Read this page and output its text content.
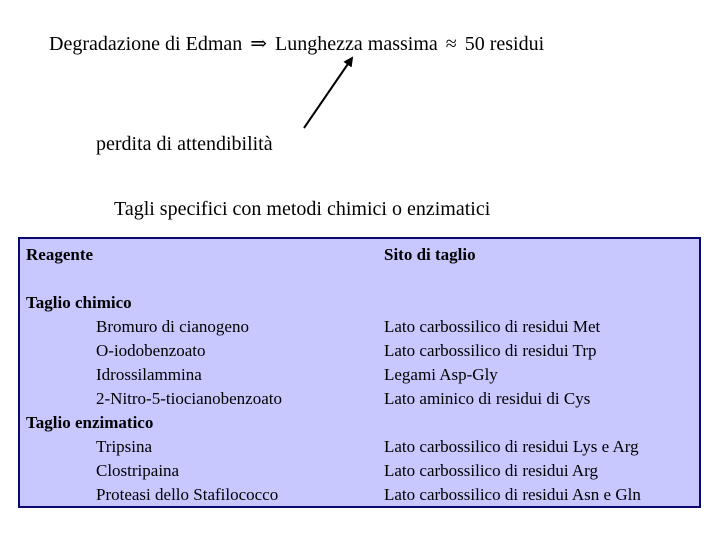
Degradazione di Edman ⇒ Lunghezza massima ≈ 50 residui
perdita di attendibilità
Tagli specifici con metodi chimici o enzimatici
Reagente
Taglio chimico
Bromuro di cianogeno
O-iodobenzoato
Idrossilammina
2-Nitro-5-tiocianobenzoato
Taglio enzimatico
Tripsina
Clostripaina
Proteasi dello Stafilococco
Sito di taglio
Lato carbossilico di residui Met
Lato carbossilico di residui Trp
Legami Asp-Gly
Lato aminico di residui di Cys
Lato carbossilico di residui Lys e Arg
Lato carbossilico di residui Arg
Lato carbossilico di residui Asn e Gln
